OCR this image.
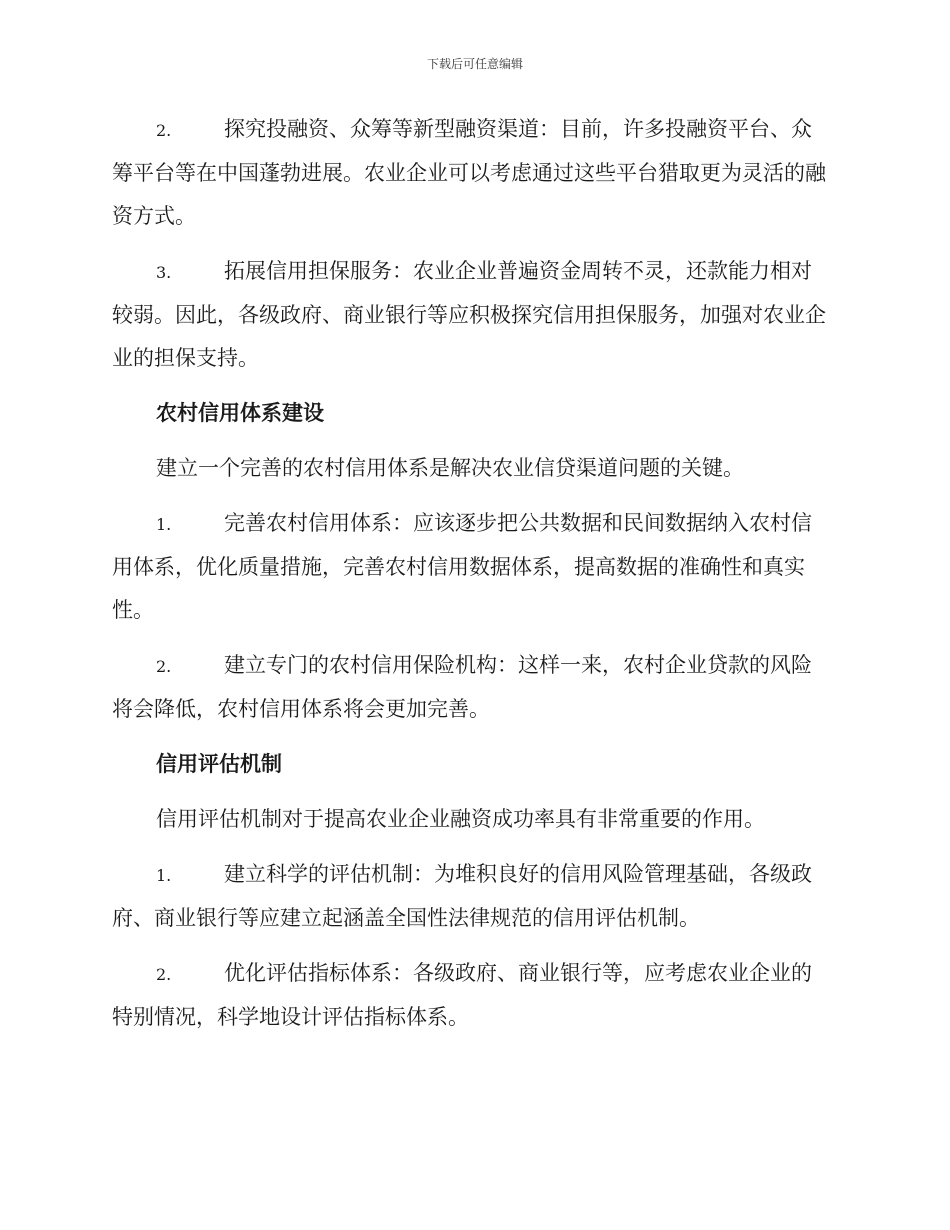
下载后可任意编辑

2.	探究投融资、众筹等新型融资渠道：目前，许多投融资平台、众筹平台等在中国蓬勃进展。农业企业可以考虑通过这些平台猎取更为灵活的融资方式。

3.	拓展信用担保服务：农业企业普遍资金周转不灵，还款能力相对较弱。因此，各级政府、商业银行等应积极探究信用担保服务，加强对农业企业的担保支持。

农村信用体系建设

建立一个完善的农村信用体系是解决农业信贷渠道问题的关键。

1.	完善农村信用体系：应该逐步把公共数据和民间数据纳入农村信用体系，优化质量措施，完善农村信用数据体系，提高数据的准确性和真实性。

2.	建立专门的农村信用保险机构：这样一来，农村企业贷款的风险将会降低，农村信用体系将会更加完善。

信用评估机制

信用评估机制对于提高农业企业融资成功率具有非常重要的作用。

1.	建立科学的评估机制：为堆积良好的信用风险管理基础，各级政府、商业银行等应建立起涵盖全国性法律规范的信用评估机制。

2.	优化评估指标体系：各级政府、商业银行等，应考虑农业企业的特别情况，科学地设计评估指标体系。
